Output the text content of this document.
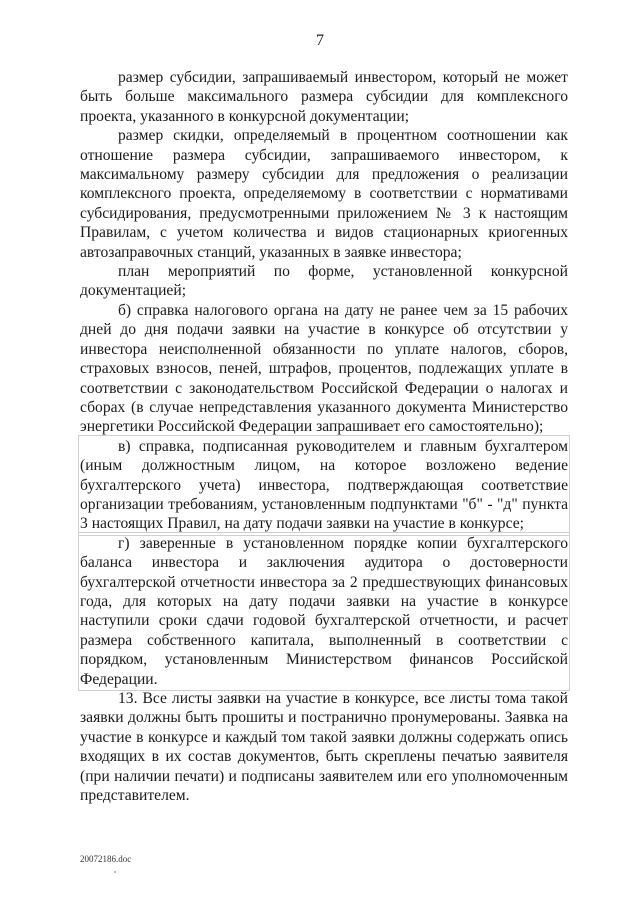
7

размер субсидии, запрашиваемый инвестором, который не может быть больше максимального размера субсидии для комплексного проекта, указанного в конкурсной документации;

размер скидки, определяемый в процентном соотношении как отношение размера субсидии, запрашиваемого инвестором, к максимальному размеру субсидии для предложения о реализации комплексного проекта, определяемому в соответствии с нормативами субсидирования, предусмотренными приложением № 3 к настоящим Правилам, с учетом количества и видов стационарных криогенных автозаправочных станций, указанных в заявке инвестора;

план мероприятий по форме, установленной конкурсной документацией;

б) справка налогового органа на дату не ранее чем за 15 рабочих дней до дня подачи заявки на участие в конкурсе об отсутствии у инвестора неисполненной обязанности по уплате налогов, сборов, страховых взносов, пеней, штрафов, процентов, подлежащих уплате в соответствии с законодательством Российской Федерации о налогах и сборах (в случае непредставления указанного документа Министерство энергетики Российской Федерации запрашивает его самостоятельно);

в) справка, подписанная руководителем и главным бухгалтером (иным должностным лицом, на которое возложено ведение бухгалтерского учета) инвестора, подтверждающая соответствие организации требованиям, установленным подпунктами "б" - "д" пункта 3 настоящих Правил, на дату подачи заявки на участие в конкурсе;

г) заверенные в установленном порядке копии бухгалтерского баланса инвестора и заключения аудитора о достоверности бухгалтерской отчетности инвестора за 2 предшествующих финансовых года, для которых на дату подачи заявки на участие в конкурсе наступили сроки сдачи годовой бухгалтерской отчетности, и расчет размера собственного капитала, выполненный в соответствии с порядком, установленным Министерством финансов Российской Федерации.

13. Все листы заявки на участие в конкурсе, все листы тома такой заявки должны быть прошиты и постранично пронумерованы. Заявка на участие в конкурсе и каждый том такой заявки должны содержать опись входящих в их состав документов, быть скреплены печатью заявителя (при наличии печати) и подписаны заявителем или его уполномоченным представителем.

20072186.doc
